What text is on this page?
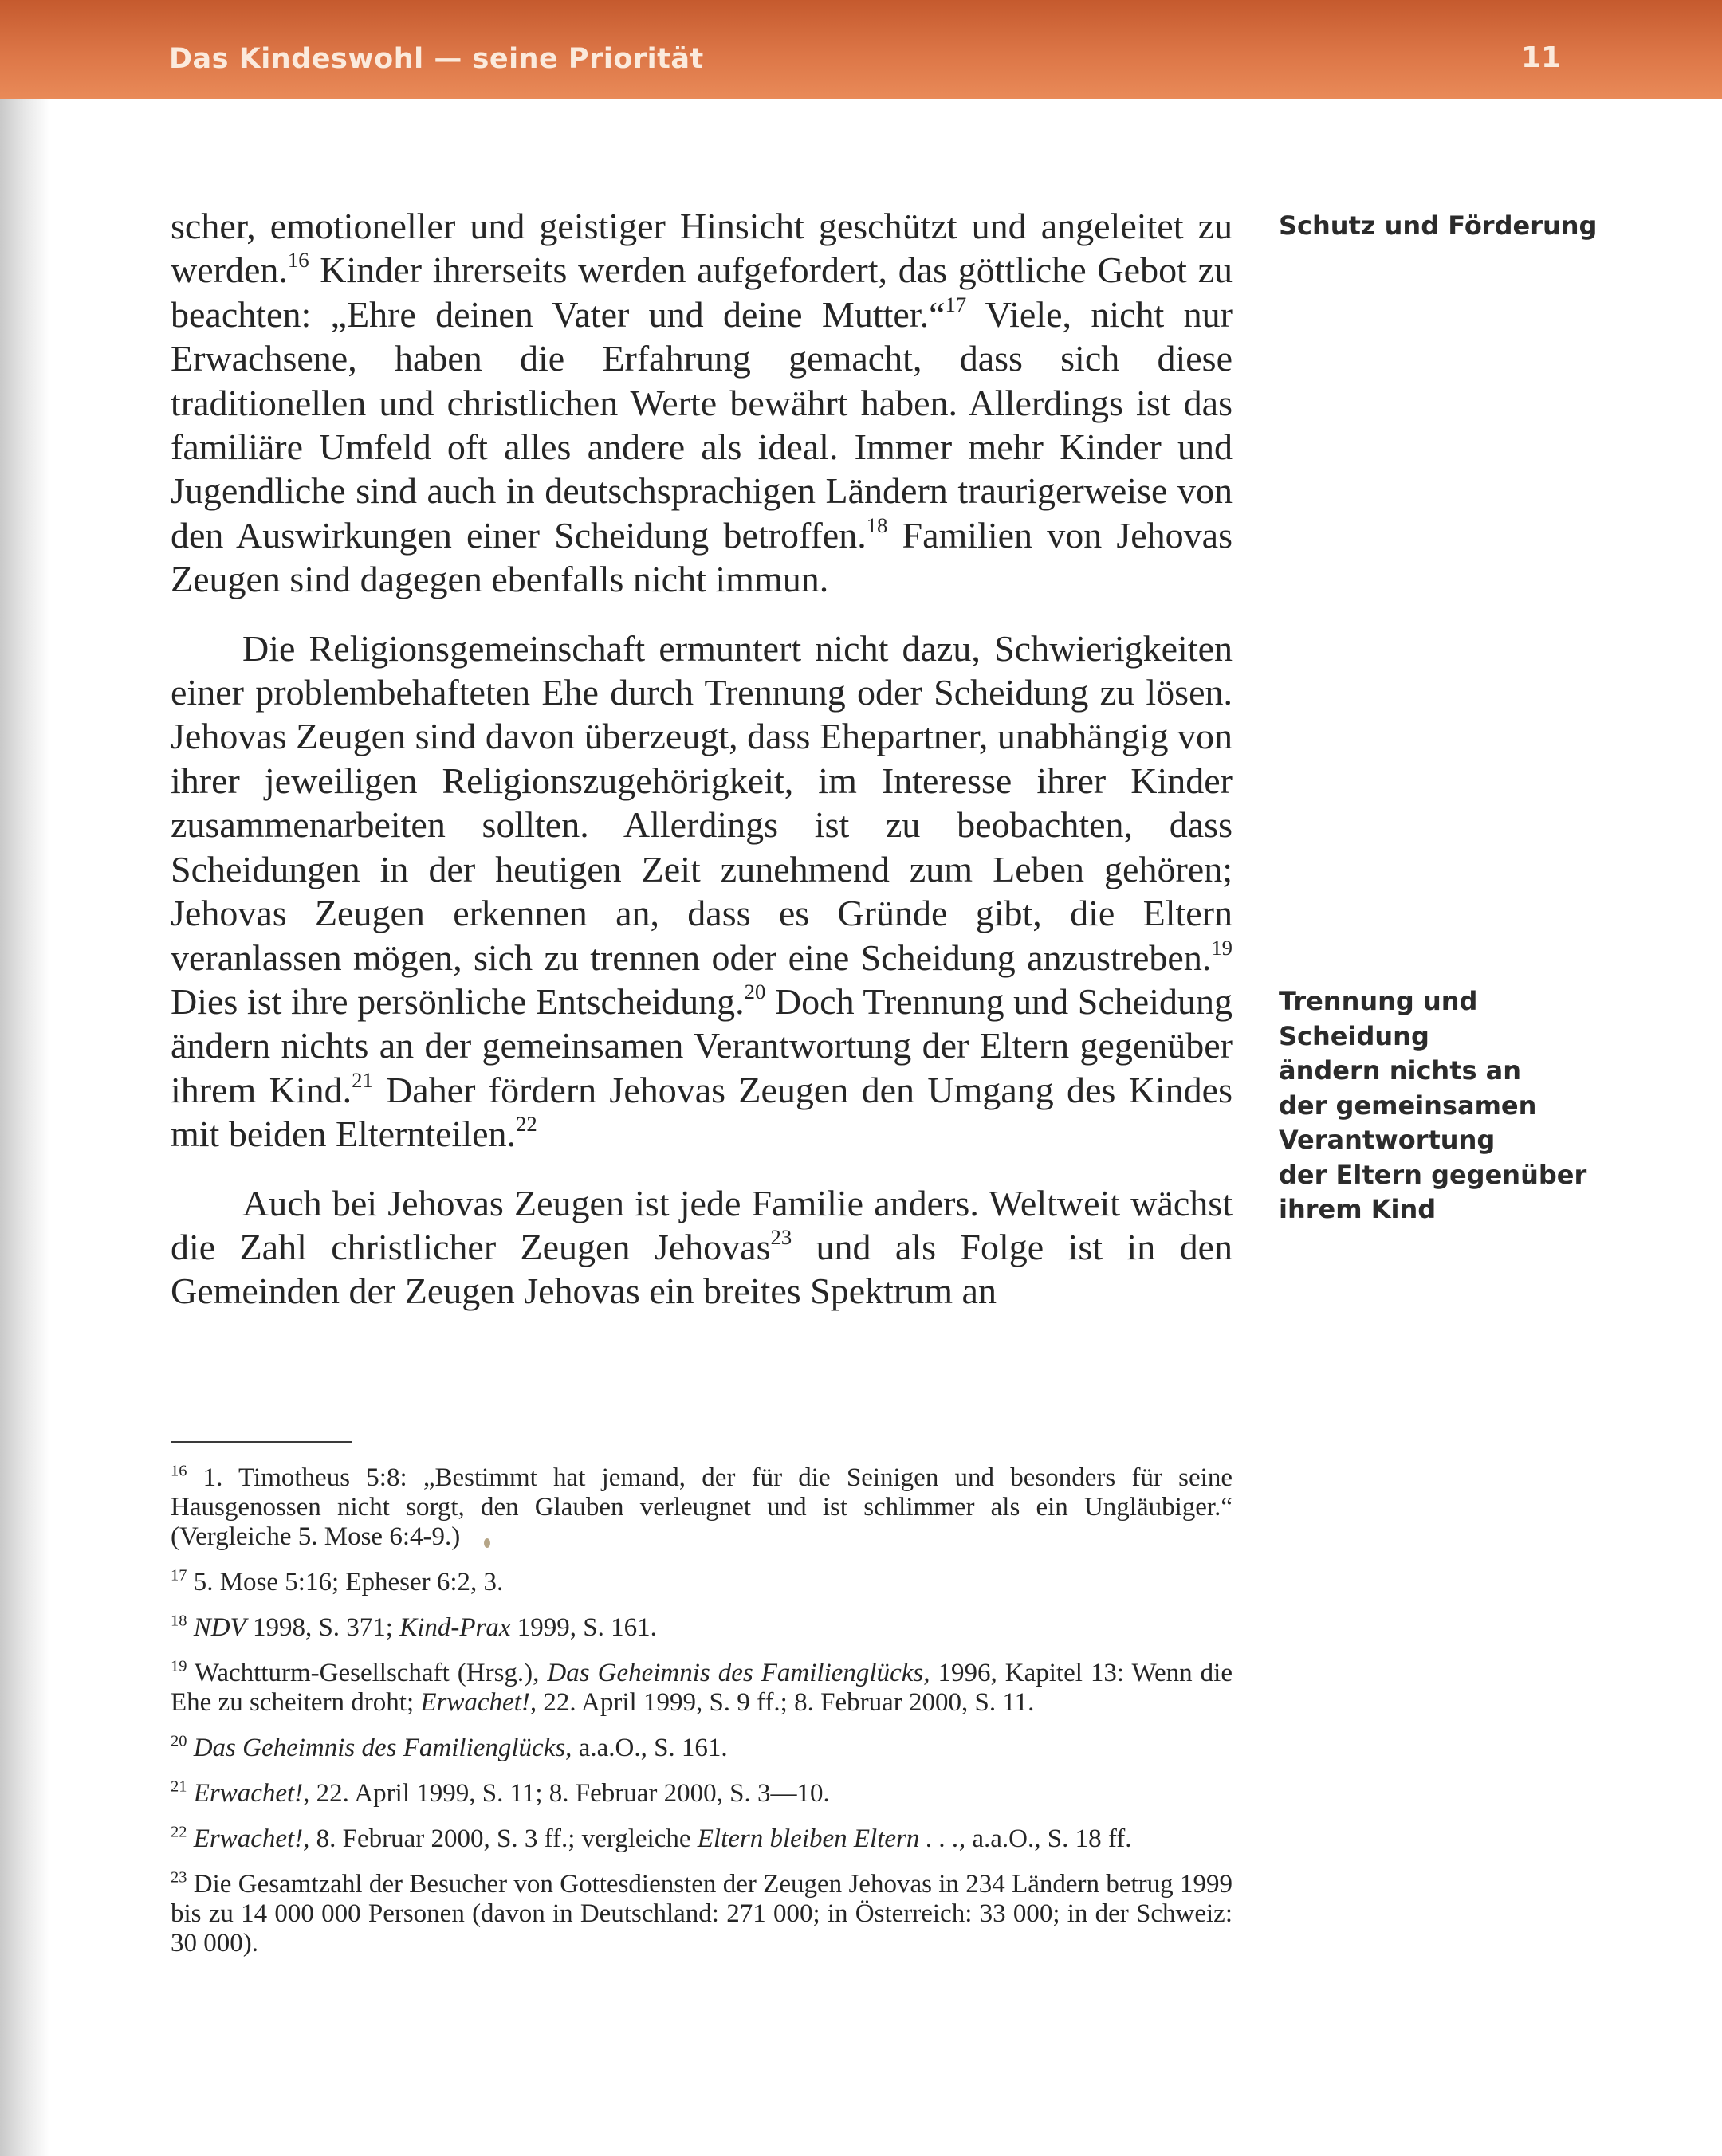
Das Kindeswohl — seine Priorität	11

scher, emotioneller und geistiger Hinsicht geschützt und angeleitet zu werden.$^{16}$ Kinder ihrerseits werden aufgefordert, das göttliche Gebot zu beachten: „Ehre deinen Vater und deine Mutter.“$^{17}$ Viele, nicht nur Erwachsene, haben die Erfahrung gemacht, dass sich diese traditionellen und christlichen Werte bewährt haben. Allerdings ist das familiäre Umfeld oft alles andere als ideal. Immer mehr Kinder und Jugendliche sind auch in deutschsprachigen Ländern traurigerweise von den Auswirkungen einer Scheidung betroffen.$^{18}$ Familien von Jehovas Zeugen sind dagegen ebenfalls nicht immun.

Die Religionsgemeinschaft ermuntert nicht dazu, Schwierigkeiten einer problembehafteten Ehe durch Trennung oder Scheidung zu lösen. Jehovas Zeugen sind davon überzeugt, dass Ehepartner, unabhängig von ihrer jeweiligen Religionszugehörigkeit, im Interesse ihrer Kinder zusammenarbeiten sollten. Allerdings ist zu beobachten, dass Scheidungen in der heutigen Zeit zunehmend zum Leben gehören; Jehovas Zeugen erkennen an, dass es Gründe gibt, die Eltern veranlassen mögen, sich zu trennen oder eine Scheidung anzustreben.$^{19}$ Dies ist ihre persönliche Entscheidung.$^{20}$ Doch Trennung und Scheidung ändern nichts an der gemeinsamen Verantwortung der Eltern gegenüber ihrem Kind.$^{21}$ Daher fördern Jehovas Zeugen den Umgang des Kindes mit beiden Elternteilen.$^{22}$

Auch bei Jehovas Zeugen ist jede Familie anders. Weltweit wächst die Zahl christlicher Zeugen Jehovas$^{23}$ und als Folge ist in den Gemeinden der Zeugen Jehovas ein breites Spektrum an

Schutz und Förderung
Trennung und Scheidung
ändern nichts an
der gemeinsamen
Verantwortung
der Eltern gegenüber
ihrem Kind
$^{16}$ 1. Timotheus 5:8: „Bestimmt hat jemand, der für die Seinigen und besonders für seine Hausgenossen nicht sorgt, den Glauben verleugnet und ist schlimmer als ein Ungläubiger.“ (Vergleiche 5. Mose 6:4-9.)
$^{17}$ 5. Mose 5:16; Epheser 6:2, 3.
$^{18}$ NDV 1998, S. 371; Kind-Prax 1999, S. 161.
$^{19}$ Wachtturm-Gesellschaft (Hrsg.), Das Geheimnis des Familienglücks, 1996, Kapitel 13: Wenn die Ehe zu scheitern droht; Erwachet!, 22. April 1999, S. 9 ff.; 8. Februar 2000, S. 11.
$^{20}$ Das Geheimnis des Familienglücks, a.a.O., S. 161.
$^{21}$ Erwachet!, 22. April 1999, S. 11; 8. Februar 2000, S. 3—10.
$^{22}$ Erwachet!, 8. Februar 2000, S. 3 ff.; vergleiche Eltern bleiben Eltern . . ., a.a.O., S. 18 ff.
$^{23}$ Die Gesamtzahl der Besucher von Gottesdiensten der Zeugen Jehovas in 234 Ländern betrug 1999 bis zu 14 000 000 Personen (davon in Deutschland: 271 000; in Österreich: 33 000; in der Schweiz: 30 000).
